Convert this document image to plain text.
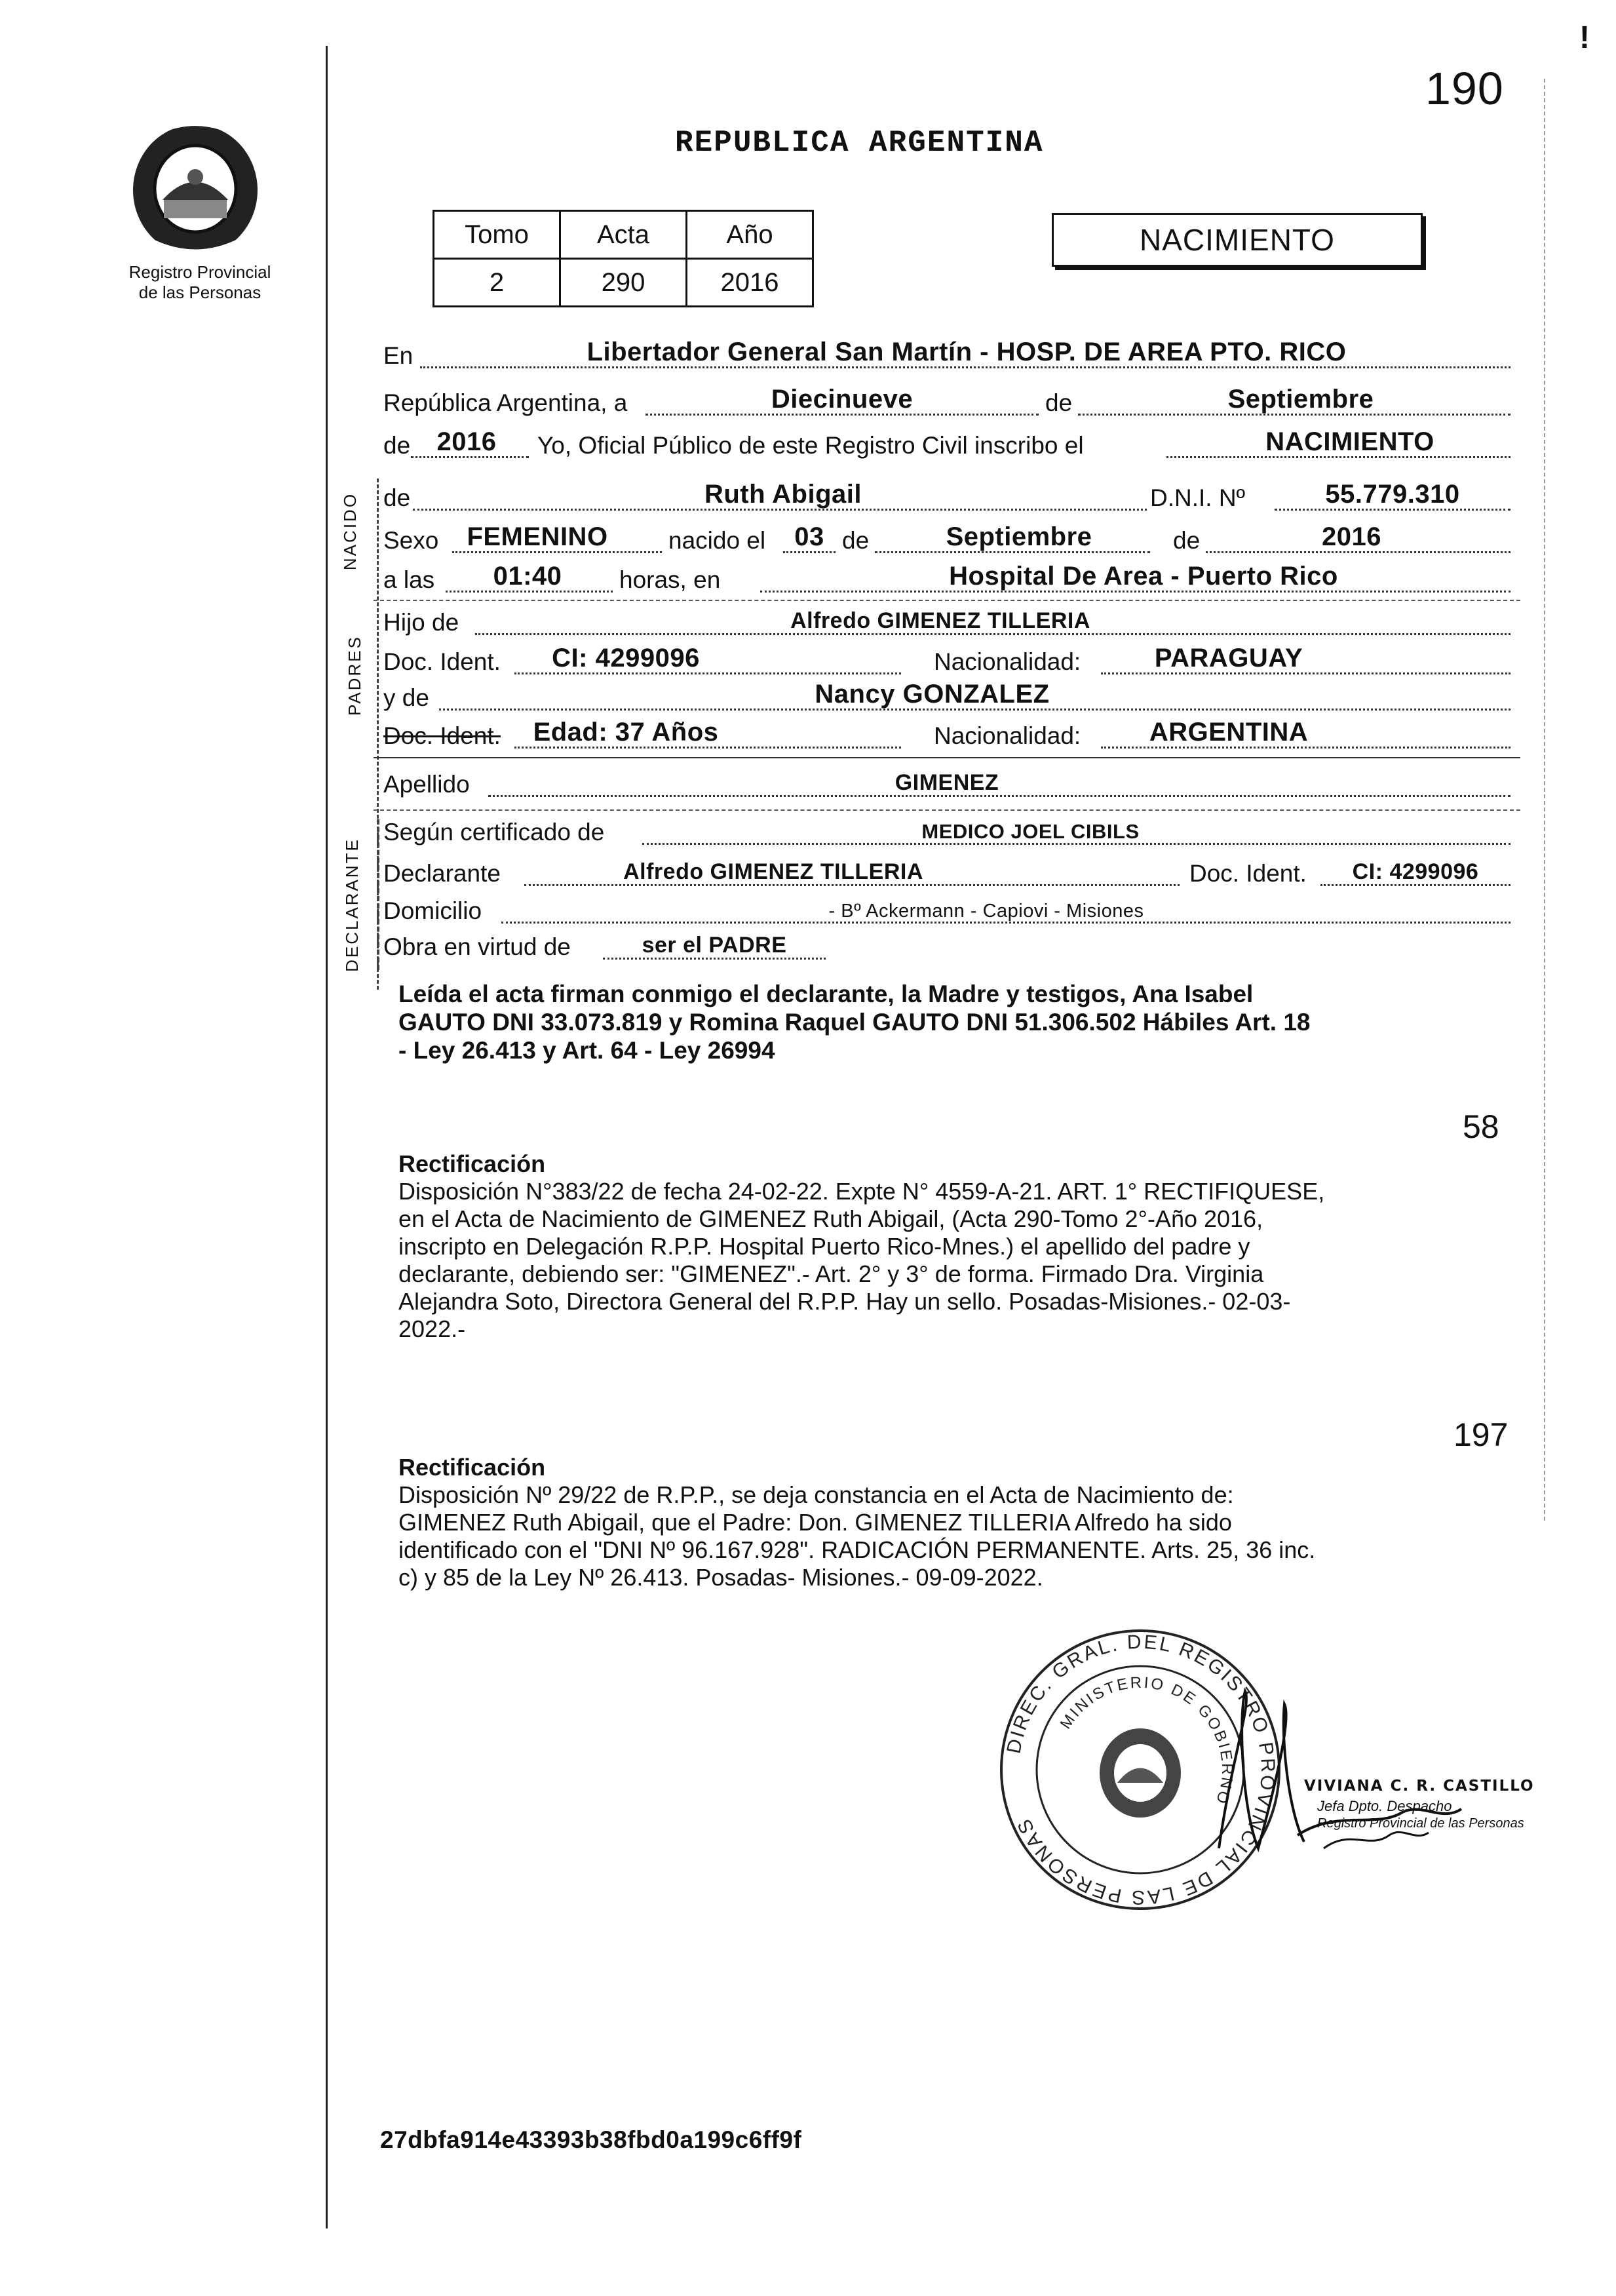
!
Registro Provincial
de las Personas
190
REPUBLICA ARGENTINA
Tomo	Acta	Año
2	290	2016
NACIMIENTO
En	Libertador General San Martín - HOSP. DE AREA PTO. RICO
República Argentina, a	Diecinueve	de	Septiembre
de	2016	Yo, Oficial Público de este Registro Civil inscribo el	NACIMIENTO
NACIDO de	Ruth Abigail	D.N.I. Nº	55.779.310
Sexo	FEMENINO	nacido el	03 de	Septiembre	de	2016
a las	01:40	horas, en	Hospital De Area - Puerto Rico
PADRES
Hijo de	Alfredo GIMENEZ TILLERIA
Doc. Ident.	CI: 4299096	Nacionalidad:	PARAGUAY
y de	Nancy GONZALEZ
Doc. Ident.	Edad: 37 Años	Nacionalidad:	ARGENTINA
Apellido	GIMENEZ
DECLARANTE
Según certificado de	MEDICO JOEL CIBILS
Declarante	Alfredo GIMENEZ TILLERIA	Doc. Ident.	CI: 4299096
Domicilio	- Bº Ackermann - Capiovi - Misiones
Obra en virtud de	ser el PADRE
Leída el acta firman conmigo el declarante, la Madre y testigos, Ana Isabel
GAUTO DNI 33.073.819 y Romina Raquel GAUTO DNI 51.306.502 Hábiles Art. 18
- Ley 26.413 y Art. 64 - Ley 26994
58
Rectificación
Disposición N°383/22 de fecha 24-02-22. Expte N° 4559-A-21. ART. 1° RECTIFIQUESE,
en el Acta de Nacimiento de GIMENEZ Ruth Abigail, (Acta 290-Tomo 2°-Año 2016,
inscripto en Delegación R.P.P. Hospital Puerto Rico-Mnes.) el apellido del padre y
declarante, debiendo ser: "GIMENEZ".- Art. 2° y 3° de forma. Firmado Dra. Virginia
Alejandra Soto, Directora General del R.P.P. Hay un sello. Posadas-Misiones.- 02-03-
2022.-
197
Rectificación
Disposición Nº 29/22 de R.P.P., se deja constancia en el Acta de Nacimiento de:
GIMENEZ Ruth Abigail, que el Padre: Don. GIMENEZ TILLERIA Alfredo ha sido
identificado con el "DNI Nº 96.167.928". RADICACIÓN PERMANENTE. Arts. 25, 36 inc.
c) y 85 de la Ley Nº 26.413. Posadas- Misiones.- 09-09-2022.
DIREC. GRAL. DEL REGISTRO PROVINCIAL DE LAS PERSONAS
MINISTERIO DE GOBIERNO
VIVIANA C. R. CASTILLO
Jefa Dpto. Despacho
Registro Provincial de las Personas
27dbfa914e43393b38fbd0a199c6ff9f
